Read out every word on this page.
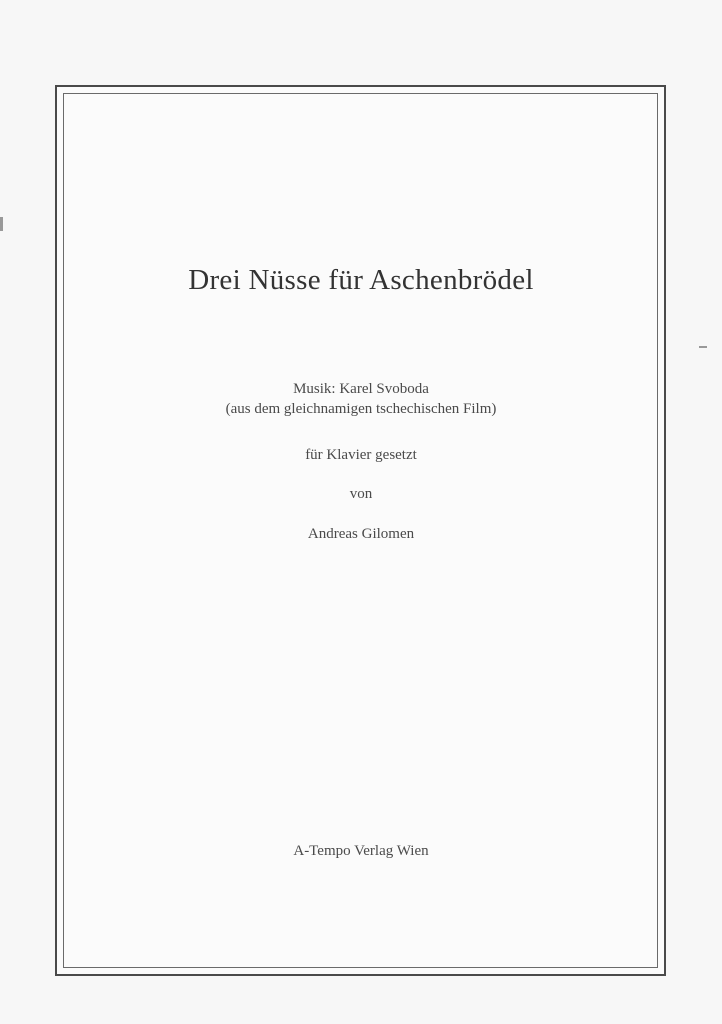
Drei Nüsse für Aschenbrödel
Musik: Karel Svoboda
(aus dem gleichnamigen tschechischen Film)
für Klavier gesetzt
von
Andreas Gilomen
A-Tempo Verlag Wien
